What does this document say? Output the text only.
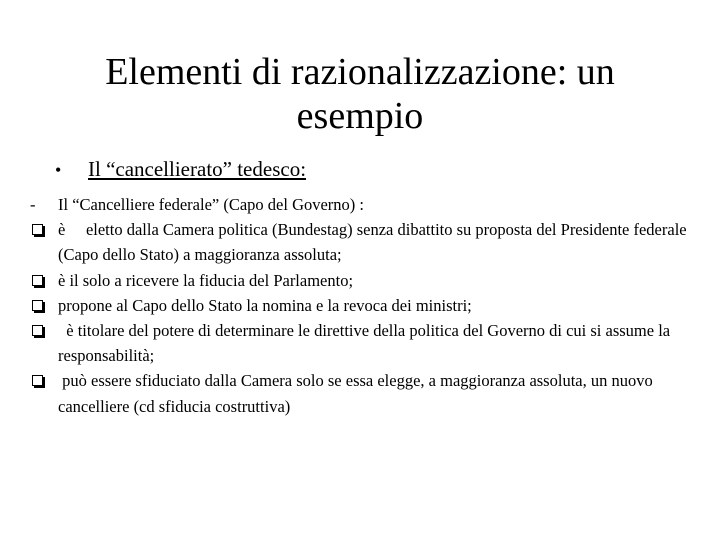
Elementi di razionalizzazione: un
esempio
•	Il “cancellierato” tedesco:
-
Il “Cancelliere federale” (Capo del Governo) :
è     eletto dalla Camera politica (Bundestag) senza dibattito su proposta del Presidente federale (Capo dello Stato) a maggioranza assoluta;
è il solo a ricevere la fiducia del Parlamento;
propone al Capo dello Stato la nomina e la revoca dei ministri;
è titolare del potere di determinare le direttive della politica del Governo di cui si assume la responsabilità;
può essere sfiduciato dalla Camera solo se essa elegge, a maggioranza assoluta, un nuovo cancelliere (cd sfiducia costruttiva)
